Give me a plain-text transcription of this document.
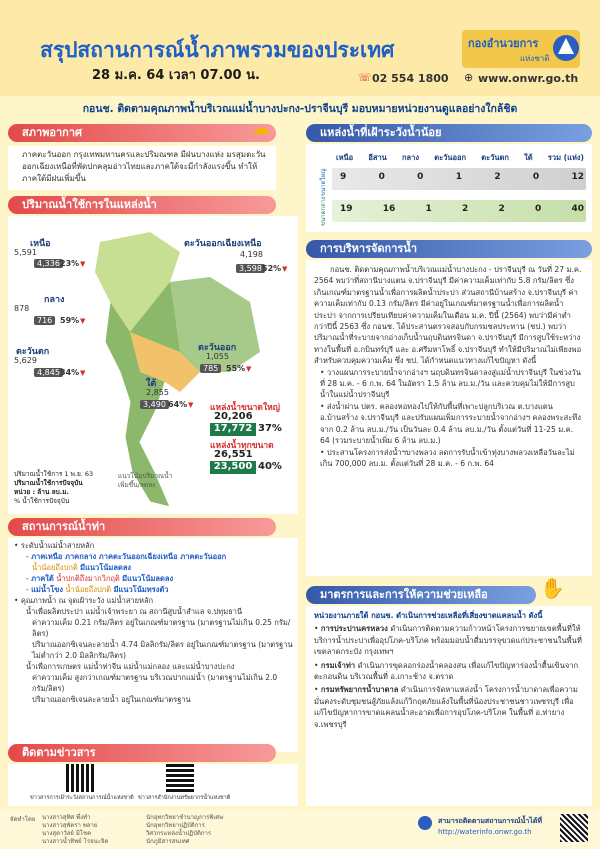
สรุปสถานการณ์น้ำภาพรวมของประเทศ
28 ม.ค. 64 เวลา 07.00 น.
กองอำนวยการ
แห่งชาติ
☏ 02 554 1800 ⊕ www.onwr.go.th
กอนช. ติดตามคุณภาพน้ำบริเวณแม่น้ำบางปะกง-ปราจีนบุรี มอบหมายหน่วยงานดูแลอย่างใกล้ชิด
สภาพอากาศ	☁
ภาคตะวันออก กรุงเทพมหานครและปริมณฑล มีฝนบางแห่ง มรสุมตะวันออกเฉียงเหนือที่พัดปกคลุมอ่าวไทยและภาคใต้จะมีกำลังแรงขึ้น ทำให้ภาคใต้มีฝนเพิ่มขึ้น
ปริมาณน้ำใช้การในแหล่งน้ำ
เหนือ
5,591
4,336 23% ▼
ตะวันออกเฉียงเหนือ
4,198
3,598 52% ▼
กลาง
878
716 59% ▼
ตะวันตก
5,629
4,845 34% ▼
ตะวันออก
1,055
785 55% ▼
ใต้
2,855
3,490 64% ▼ แหล่งน้ำขนาดใหญ่
20,206
17,772 37%
แหล่งน้ำทุกขนาด
26,551
23,500 40%
ปริมาณน้ำใช้การ 1 พ.ย. 63
ปริมาณน้ำใช้การปัจจุบัน
หน่วย : ล้าน ลบ.ม.
% น้ำใช้การปัจจุบัน
แนวโน้มปริมาณน้ำ
เพิ่มขึ้น/ลดลง
สถานการณ์น้ำท่า
• ระดับน้ำแม่น้ำสายหลัก
- ภาคเหนือ ภาคกลาง ภาคตะวันออกเฉียงเหนือ ภาคตะวันออก
น้ำน้อยถึงปกติ มีแนวโน้มลดลง
- ภาคใต้ น้ำปกติถึงมากวิกฤติ มีแนวโน้มลดลง
- แม่น้ำโขง น้ำน้อยถึงปกติ มีแนวโน้มทรงตัว
• คุณภาพน้ำ ณ จุดเฝ้าระวัง แม่น้ำสายหลัก
น้ำเพื่อผลิตประปา แม่น้ำเจ้าพระยา ณ สถานีสูบน้ำสำแล จ.ปทุมธานี
ค่าความเค็ม 0.21 กรัม/ลิตร อยู่ในเกณฑ์มาตรฐาน (มาตรฐานไม่เกิน 0.25 กรัม/ลิตร)
ปริมาณออกซิเจนละลายน้ำ 4.74 มิลลิกรัม/ลิตร อยู่ในเกณฑ์มาตรฐาน (มาตรฐานไม่ต่ำกว่า 2.0 มิลลิกรัม/ลิตร)
น้ำเพื่อการเกษตร แม่น้ำท่าจีน แม่น้ำแม่กลอง และแม่น้ำบางปะกง
ค่าความเค็ม สูงกว่าเกณฑ์มาตรฐาน บริเวณปากแม่น้ำ (มาตรฐานไม่เกิน 2.0 กรัม/ลิตร)
ปริมาณออกซิเจนละลายน้ำ อยู่ในเกณฑ์มาตรฐาน
ติดตามข่าวสาร
ข่าวสารการเฝ้าระวังสถานการณ์น้ำแห่งชาติ ข่าวสารสำนักงานทรัพยากรน้ำแห่งชาติ
แหล่งน้ำที่เฝ้าระวังน้ำน้อย
เหนือ อีสาน กลาง ตะวันออก ตะวันตก ใต้ รวม (แห่ง)
ขนาดใหญ่ 9	0	0	1	2	0	12
ขนาดกลาง 19	16	1	2	2	0	40
การบริหารจัดการน้ำ
กอนช. ติดตามคุณภาพน้ำบริเวณแม่น้ำบางปะกง - ปราจีนบุรี ณ วันที่ 27 ม.ค. 2564 พบว่าที่สถานีบางแตน จ.ปราจีนบุรี มีค่าความเค็มเท่ากับ 5.8 กรัม/ลิตร ซึ่งเกินเกณฑ์มาตรฐานน้ำเพื่อการผลิตน้ำประปา ส่วนสถานีบ้านสร้าง จ.ปราจีนบุรี ค่าความเค็มเท่ากับ 0.13 กรัม/ลิตร มีค่าอยู่ในเกณฑ์มาตรฐานน้ำเพื่อการผลิตน้ำประปา จากการเปรียบเทียบค่าความเค็มในเดือน ม.ค. ปีนี้ (2564) พบว่ามีค่าต่ำกว่าปีนี้ 2563 ซึ่ง กอนช. ได้ประสานตรวจสอบกับกรมชลประทาน (ชป.) พบว่า ปริมาณน้ำที่ระบายจากอ่างเก็บน้ำนฤบดินทรจินดา จ.ปราจีนบุรี มีการสูบใช้ระหว่างทางในพื้นที่ อ.กบินทร์บุรี และ อ.ศรีมหาโพธิ์ จ.ปราจีนบุรี ทำให้มีปริมาณไม่เพียงพอสำหรับควบคุมความเค็ม ซึ่ง ชป. ได้กำหนดแนวทางแก้ไขปัญหา ดังนี้
• วางแผนการระบายน้ำจากอ่างฯ นฤบดินทรจินดาลงสู่แม่น้ำปราจีนบุรี ในช่วงวันที่ 28 ม.ค. - 6 ก.พ. 64 ในอัตรา 1.5 ล้าน ลบ.ม./วัน และควบคุมไม่ให้มีการสูบน้ำในแม่น้ำปราจีนบุรี
• ส่งน้ำผ่าน ปตร. คลองหอทองไปให้กับพื้นที่เพาะปลูกบริเวณ ต.บางแตน อ.บ้านสร้าง จ.ปราจีนบุรี และปรับแผนเพิ่มการระบายน้ำจากอ่างฯ คลองพระสะทึง จาก 0.2 ล้าน ลบ.ม./วัน เป็นวันละ 0.4 ล้าน ลบ.ม./วัน ตั้งแต่วันที่ 11-25 ม.ค. 64 (รวมระบายน้ำเพิ่ม 6 ล้าน ลบ.ม.)
• ประสานโครงการส่งน้ำฯบางพลวง ลดการรับน้ำเข้าทุ่งบางพลวงเหลือวันละไม่เกิน 700,000 ลบ.ม. ตั้งแต่วันที่ 28 ม.ค. - 6 ก.พ. 64
มาตรการและการให้ความช่วยเหลือ	✋
หน่วยงานภายใต้ กอนช. ดำเนินการช่วยเหลือที่เสี่ยงขาดแคลนน้ำ ดังนี้
• การประปานครหลวง ดำเนินการติดตามความก้าวหน้าโครงการขยายเขตพื้นที่ให้บริการน้ำประปาเพื่ออุปโภค-บริโภค พร้อมมอบน้ำดื่มบรรจุขวดแก่ประชาชนในพื้นที่เขตลาดกระบัง กรุงเทพฯ
• กรมเจ้าท่า ดำเนินการขุดลอกร่องน้ำคลองสน เพื่อแก้ไขปัญหาร่องน้ำตื้นเขินจากตะกอนดิน บริเวณพื้นที่ อ.เกาะช้าง จ.ตราด
• กรมทรัพยากรน้ำบาดาล ดำเนินการจัดหาแหล่งน้ำ โครงการน้ำบาดาลเพื่อความมั่นคงระดับชุมชนสู้ภัยแล้งแก้วิกฤตภัยแล้งในพื้นที่น้องประชาชนชาวเพชรบุรี เพื่อแก้ไขปัญหาการขาดแคลนน้ำสะอาดเพื่อการอุปโภค-บริโภค ในพื้นที่ อ.ท่ายาง จ.เพชรบุรี
จัดทำโดย นางสาวสุทิศ พึ่งทำ
นางสาวสุพัตรา พลาย
นางสุดาวัลย์ มีโชค
นางสาวน้ำทิพย์ โรจนะจิต
นักอุทกวิทยาชำนาญการพิเศษ
นักอุทกวิทยาปฏิบัติการ
วิศวกรแหล่งน้ำปฏิบัติการ
นักภูมิสารสนเทศ
สามารถติดตามสถานการณ์น้ำได้ที่
http://waterinfo.onwr.go.th
